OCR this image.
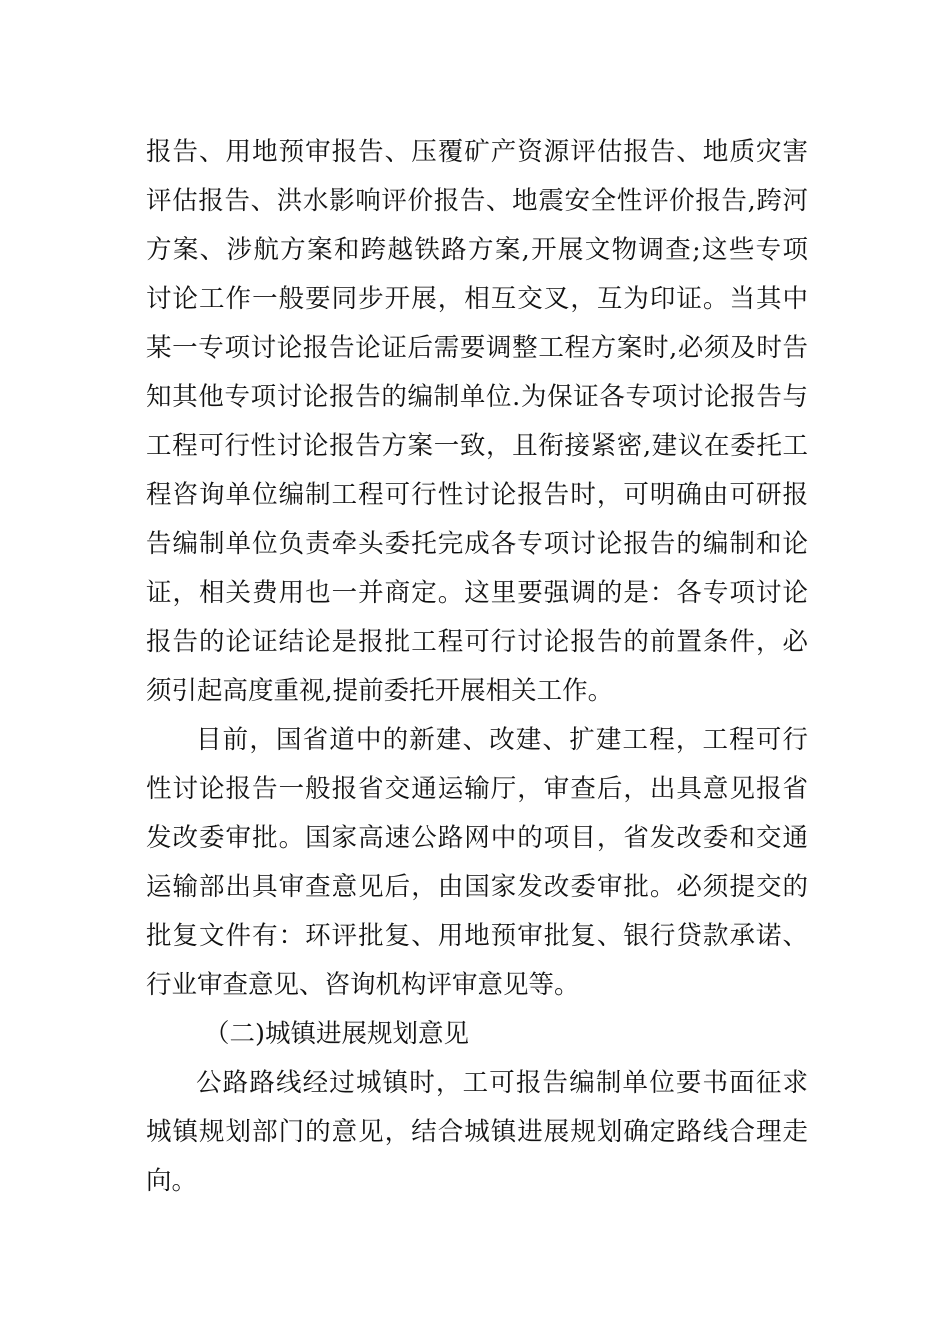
报告、用地预审报告、压覆矿产资源评估报告、地质灾害
评估报告、洪水影响评价报告、地震安全性评价报告,跨河
方案、涉航方案和跨越铁路方案,开展文物调查;这些专项
讨论工作一般要同步开展，相互交叉，互为印证。当其中
某一专项讨论报告论证后需要调整工程方案时,必须及时告
知其他专项讨论报告的编制单位.为保证各专项讨论报告与
工程可行性讨论报告方案一致，且衔接紧密,建议在委托工
程咨询单位编制工程可行性讨论报告时，可明确由可研报
告编制单位负责牵头委托完成各专项讨论报告的编制和论
证，相关费用也一并商定。这里要强调的是：各专项讨论
报告的论证结论是报批工程可行讨论报告的前置条件，必
须引起高度重视,提前委托开展相关工作。
目前，国省道中的新建、改建、扩建工程，工程可行
性讨论报告一般报省交通运输厅，审查后，出具意见报省
发改委审批。国家高速公路网中的项目，省发改委和交通
运输部出具审查意见后，由国家发改委审批。必须提交的
批复文件有：环评批复、用地预审批复、银行贷款承诺、
行业审查意见、咨询机构评审意见等。
（二)城镇进展规划意见
公路路线经过城镇时，工可报告编制单位要书面征求
城镇规划部门的意见，结合城镇进展规划确定路线合理走
向。
